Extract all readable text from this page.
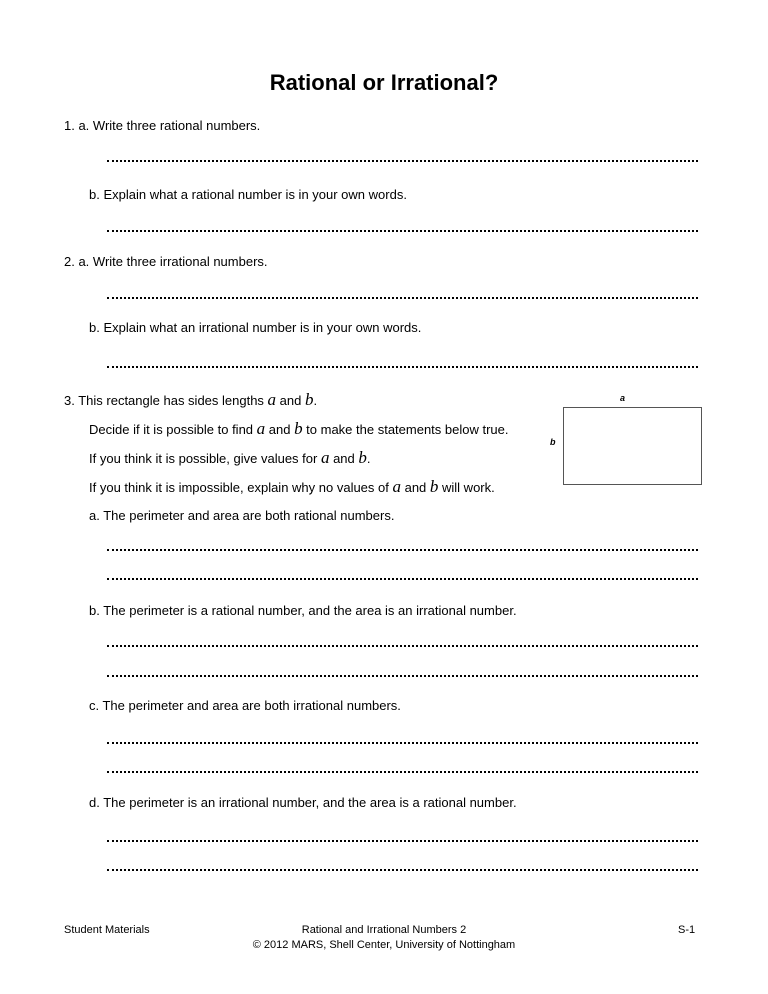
Rational or Irrational?
1. a. Write three rational numbers.
b. Explain what a rational number is in your own words.
2. a. Write three irrational numbers.
b. Explain what an irrational number is in your own words.
3. This rectangle has sides lengths a and b.
Decide if it is possible to find a and b to make the statements below true.
If you think it is possible, give values for a and b.
If you think it is impossible, explain why no values of a and b will work.
a
b
a. The perimeter and area are both rational numbers.
b. The perimeter is a rational number, and the area is an irrational number.
c. The perimeter and area are both irrational numbers.
d. The perimeter is an irrational number, and the area is a rational number.
Student Materials	Rational and Irrational Numbers 2
© 2012 MARS, Shell Center, University of Nottingham
S-1
